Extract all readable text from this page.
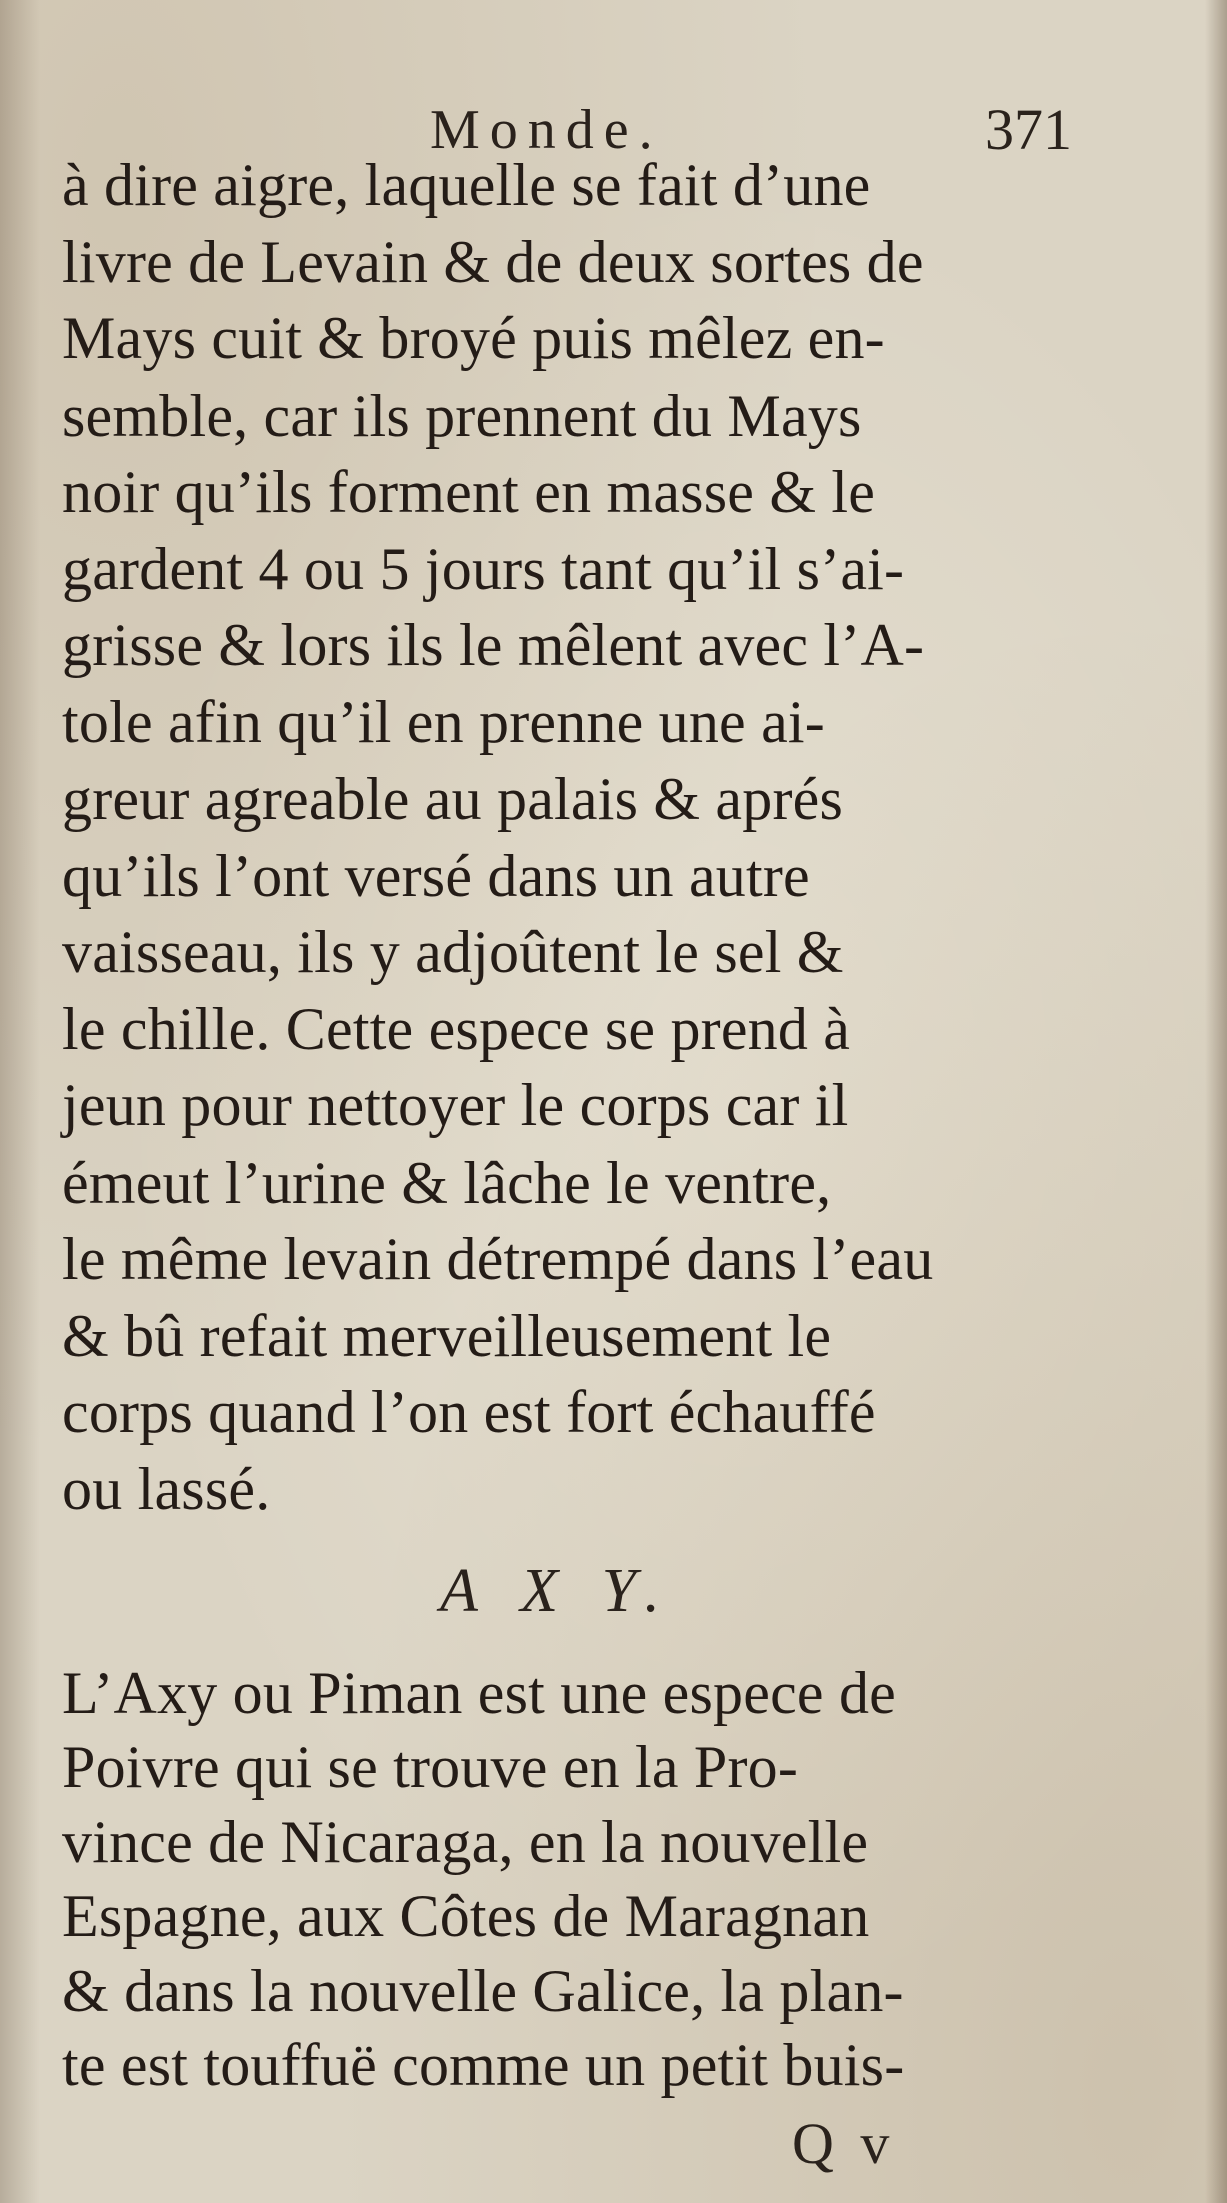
Monde.	371
à dire aigre, laquelle se fait d’une
livre de Levain & de deux sortes de
Mays cuit & broyé puis mêlez en-
semble, car ils prennent du Mays
noir qu’ils forment en masse & le
gardent 4 ou 5 jours tant qu’il s’ai-
grisse & lors ils le mêlent avec l’A-
tole afin qu’il en prenne une ai-
greur agreable au palais & aprés
qu’ils l’ont versé dans un autre
vaisseau, ils y adjoûtent le sel &
le chille. Cette espece se prend à
jeun pour nettoyer le corps car il
émeut l’urine & lâche le ventre,
le même levain détrempé dans l’eau
& bû refait merveilleusement le
corps quand l’on est fort échauffé
ou lassé.
A X Y.
L’Axy ou Piman est une espece de
Poivre qui se trouve en la Pro-
vince de Nicaraga, en la nouvelle
Espagne, aux Côtes de Maragnan
& dans la nouvelle Galice, la plan-
te est touffuë comme un petit buis-
Q v
